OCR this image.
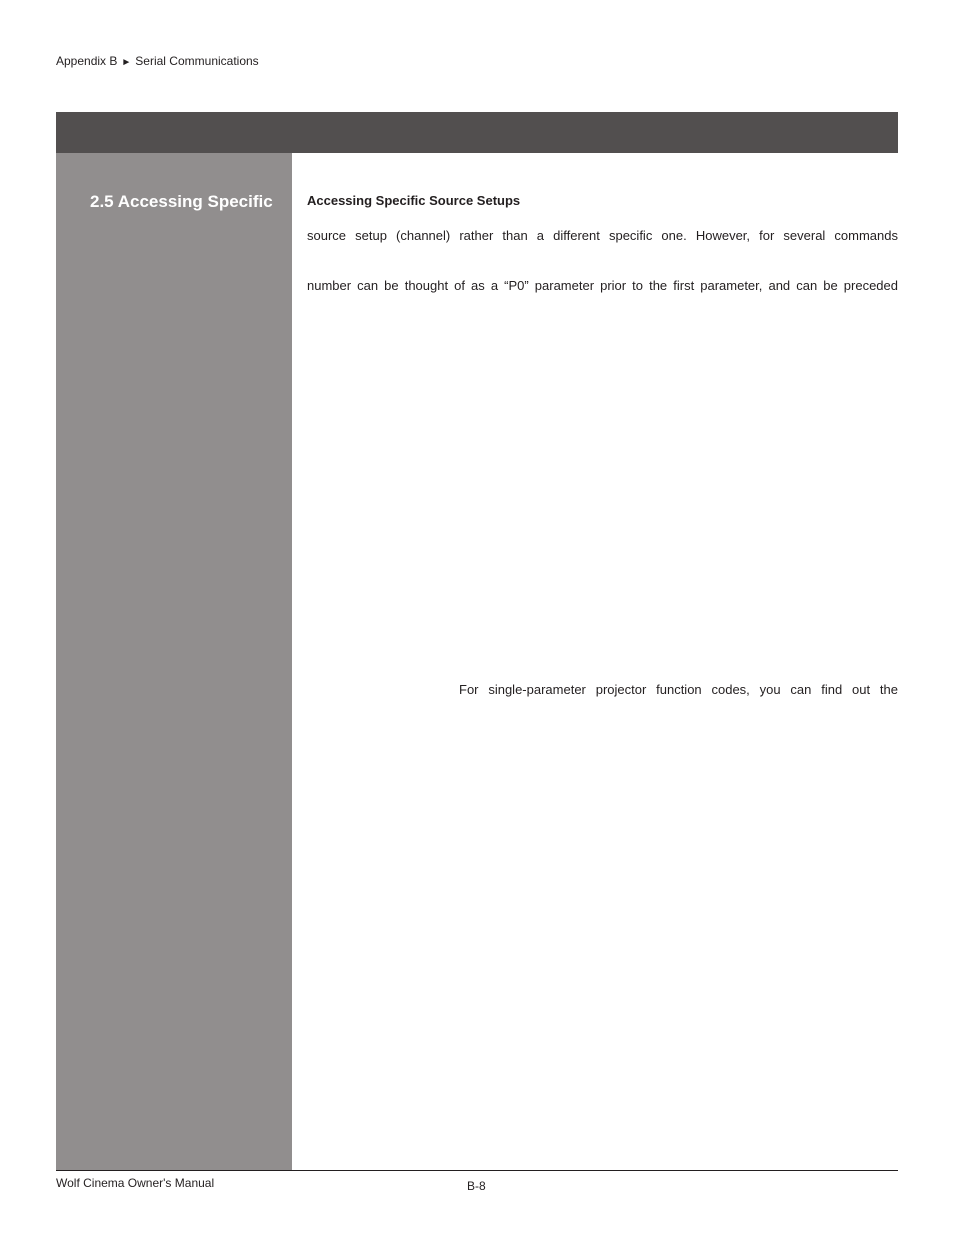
Appendix B ► Serial Communications
2.5 Accessing Specific	Accessing Specific Source Setups
source setup (channel) rather than a different specific one. However, for several commands
number can be thought of as a “P0” parameter prior to the first parameter, and can be preceded
For single-parameter projector function codes, you can find out the
Wolf Cinema Owner's Manual	B-8
